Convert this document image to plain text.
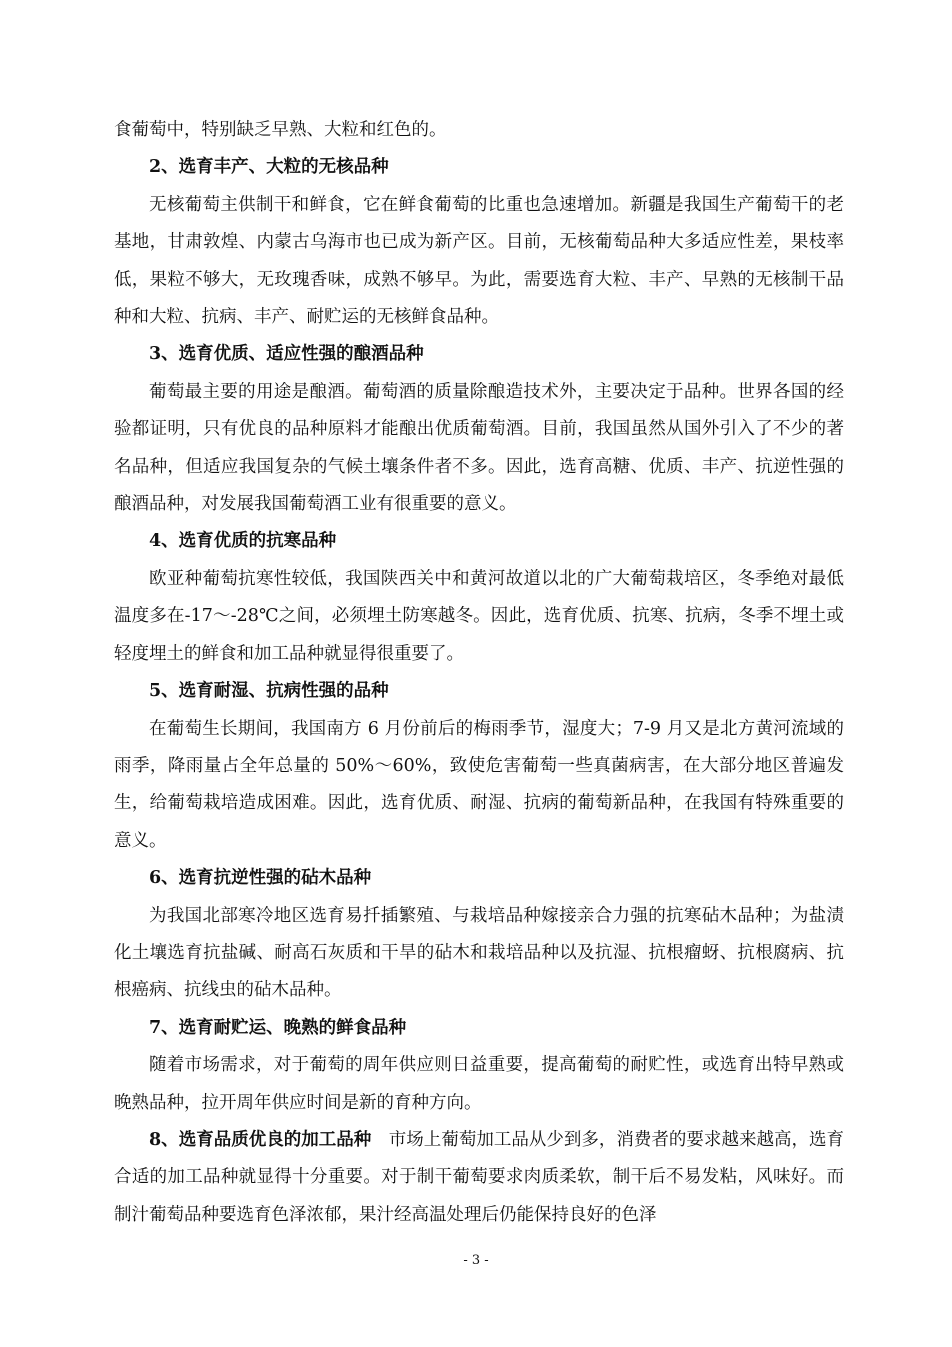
食葡萄中，特别缺乏早熟、大粒和红色的。

2、选育丰产、大粒的无核品种

无核葡萄主供制干和鲜食，它在鲜食葡萄的比重也急速增加。新疆是我国生产葡萄干的老基地，甘肃敦煌、内蒙古乌海市也已成为新产区。目前，无核葡萄品种大多适应性差，果枝率低，果粒不够大，无玫瑰香味，成熟不够早。为此，需要选育大粒、丰产、早熟的无核制干品种和大粒、抗病、丰产、耐贮运的无核鲜食品种。

3、选育优质、适应性强的酿酒品种

葡萄最主要的用途是酿酒。葡萄酒的质量除酿造技术外，主要决定于品种。世界各国的经验都证明，只有优良的品种原料才能酿出优质葡萄酒。目前，我国虽然从国外引入了不少的著名品种，但适应我国复杂的气候土壤条件者不多。因此，选育高糖、优质、丰产、抗逆性强的酿酒品种，对发展我国葡萄酒工业有很重要的意义。

4、选育优质的抗寒品种

欧亚种葡萄抗寒性较低，我国陕西关中和黄河故道以北的广大葡萄栽培区，冬季绝对最低温度多在-17～-28℃之间，必须埋土防寒越冬。因此，选育优质、抗寒、抗病，冬季不埋土或轻度埋土的鲜食和加工品种就显得很重要了。

5、选育耐湿、抗病性强的品种

在葡萄生长期间，我国南方 6 月份前后的梅雨季节，湿度大；7-9 月又是北方黄河流域的雨季，降雨量占全年总量的 50%～60%，致使危害葡萄一些真菌病害，在大部分地区普遍发生，给葡萄栽培造成困难。因此，选育优质、耐湿、抗病的葡萄新品种，在我国有特殊重要的意义。

6、选育抗逆性强的砧木品种

为我国北部寒冷地区选育易扦插繁殖、与栽培品种嫁接亲合力强的抗寒砧木品种；为盐渍化土壤选育抗盐碱、耐高石灰质和干旱的砧木和栽培品种以及抗湿、抗根瘤蚜、抗根腐病、抗根癌病、抗线虫的砧木品种。

7、选育耐贮运、晚熟的鲜食品种

随着市场需求，对于葡萄的周年供应则日益重要，提高葡萄的耐贮性，或选育出特早熟或晚熟品种，拉开周年供应时间是新的育种方向。

8、选育品质优良的加工品种　市场上葡萄加工品从少到多，消费者的要求越来越高，选育合适的加工品种就显得十分重要。对于制干葡萄要求肉质柔软，制干后不易发粘，风味好。而制汁葡萄品种要选育色泽浓郁，果汁经高温处理后仍能保持良好的色泽

- 3 -
